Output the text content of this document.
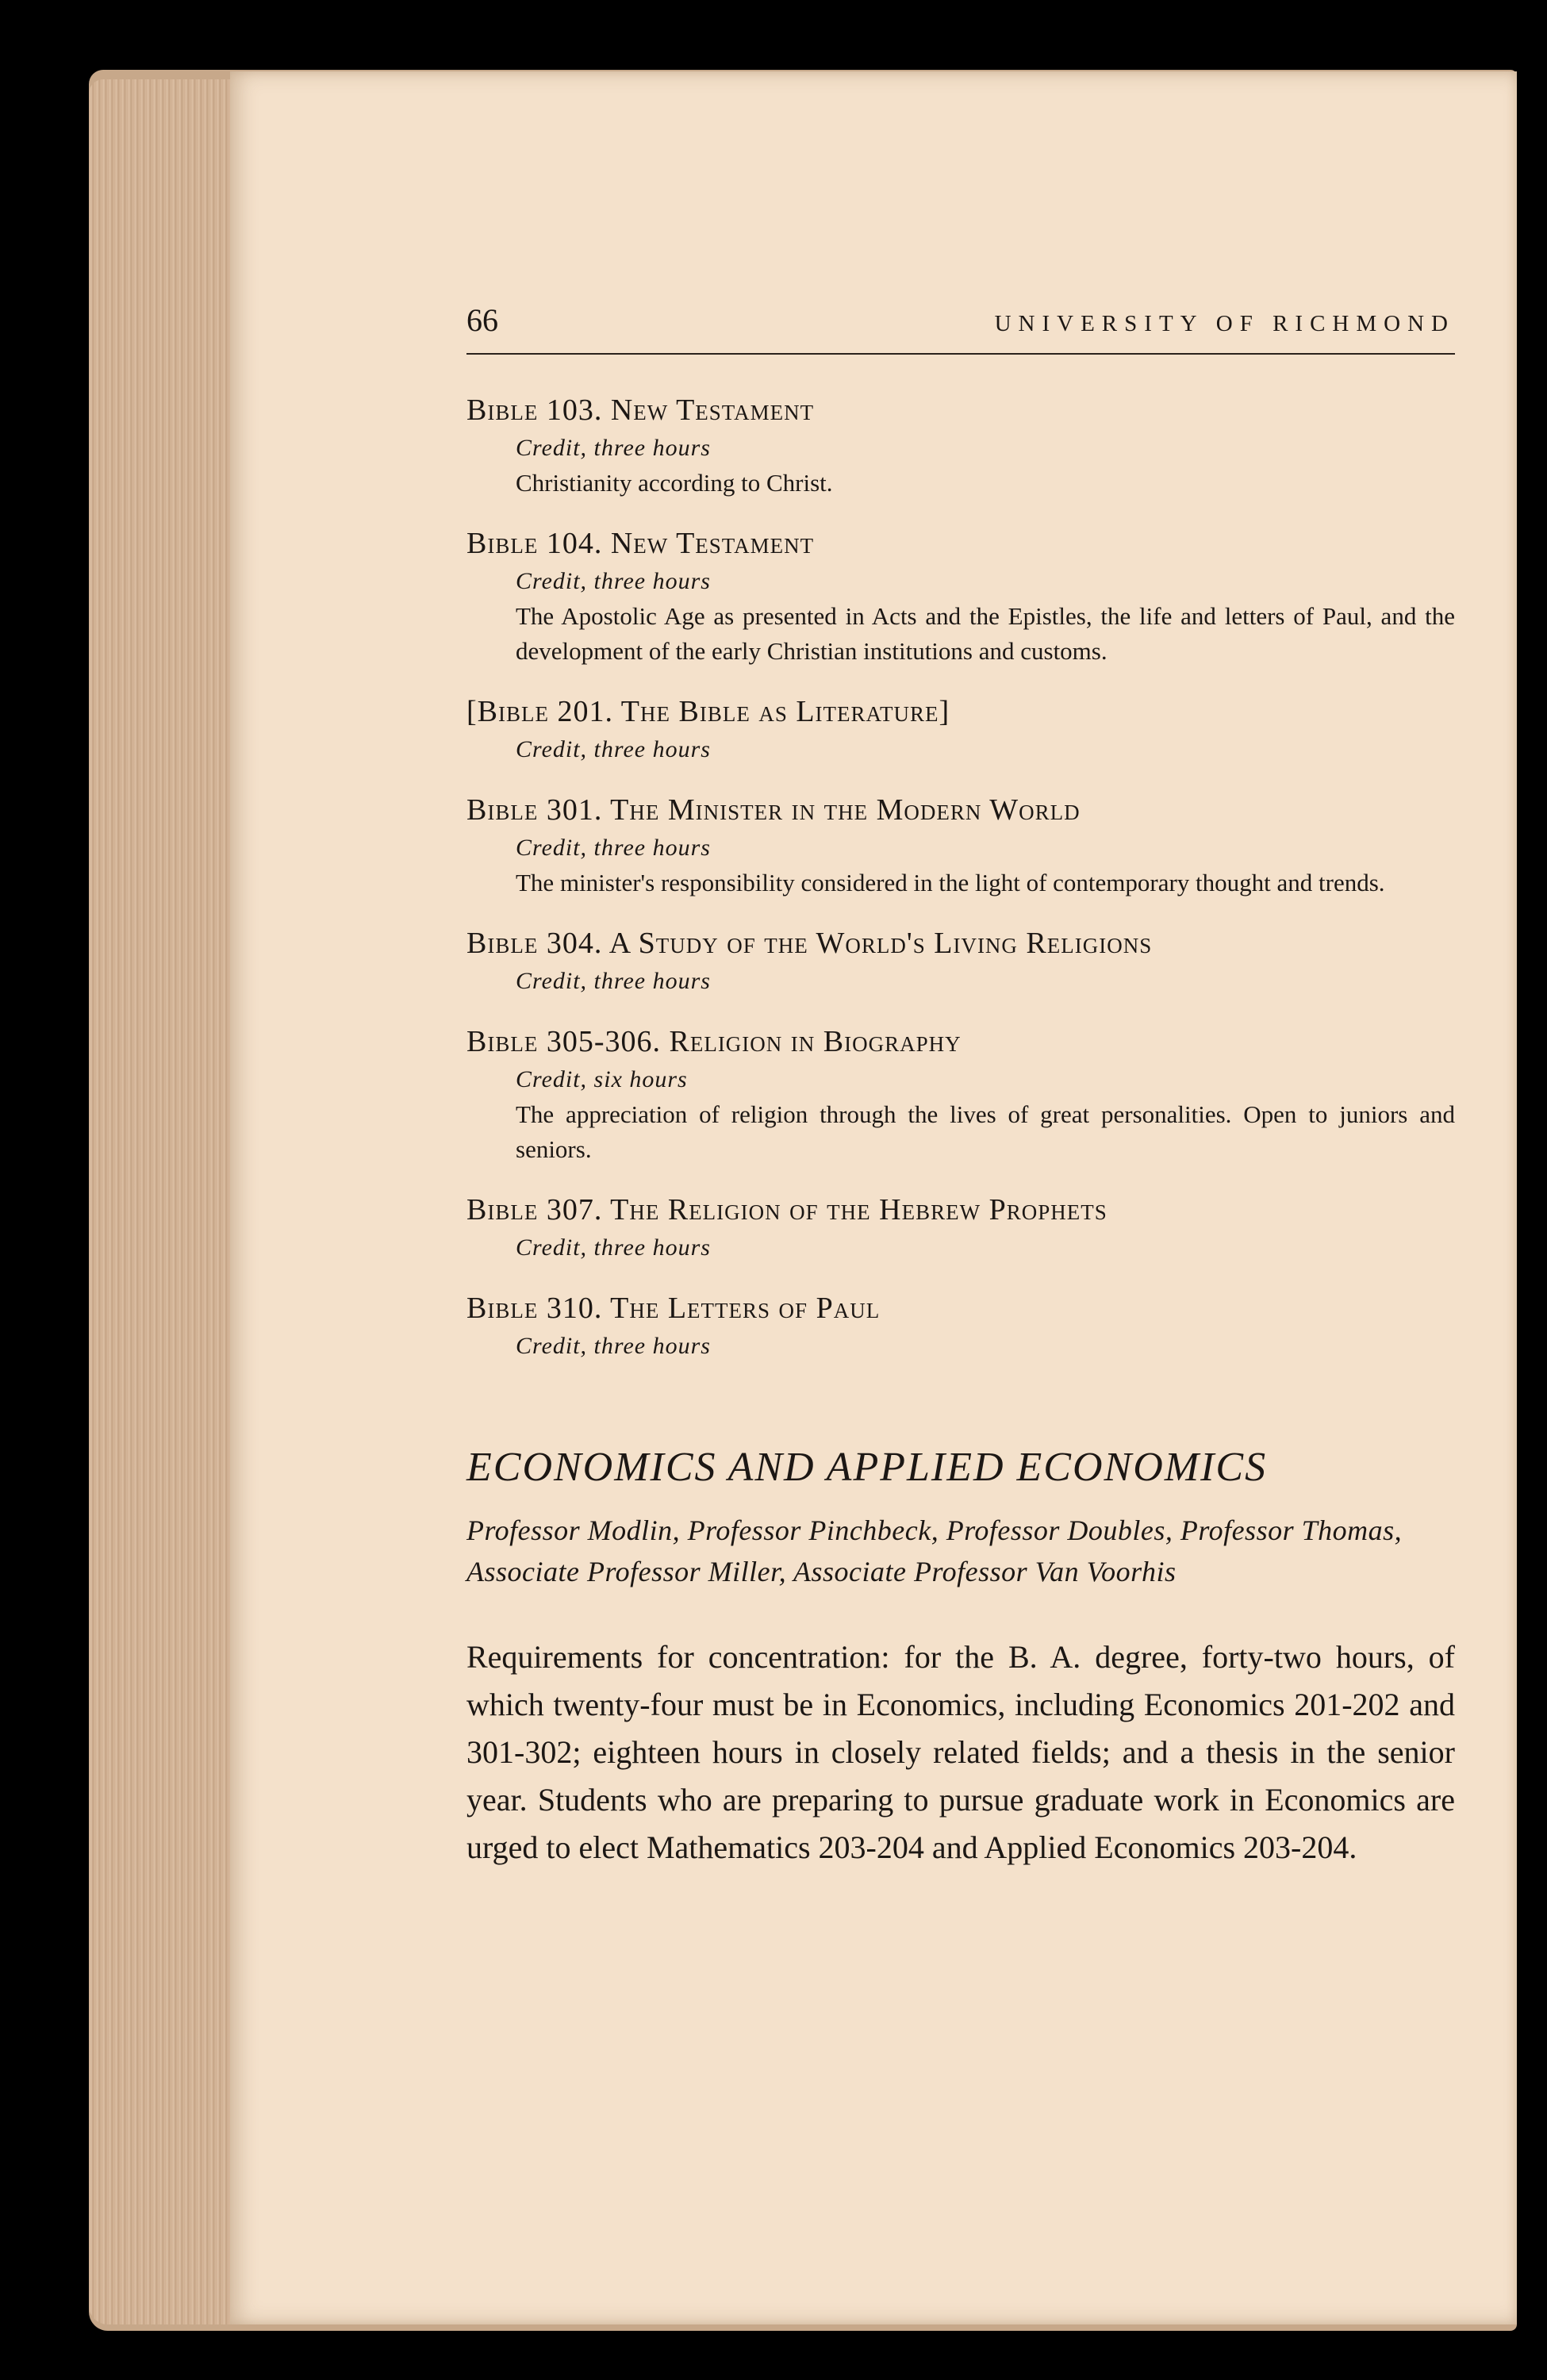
66	UNIVERSITY OF RICHMOND
Bible 103. New Testament
Credit, three hours
Christianity according to Christ.
Bible 104. New Testament
Credit, three hours
The Apostolic Age as presented in Acts and the Epistles, the life and letters of Paul, and the development of the early Christian institutions and customs.
[Bible 201. The Bible as Literature]
Credit, three hours
Bible 301. The Minister in the Modern World
Credit, three hours
The minister's responsibility considered in the light of contemporary thought and trends.
Bible 304. A Study of the World's Living Religions
Credit, three hours
Bible 305-306. Religion in Biography
Credit, six hours
The appreciation of religion through the lives of great personalities. Open to juniors and seniors.
Bible 307. The Religion of the Hebrew Prophets
Credit, three hours
Bible 310. The Letters of Paul
Credit, three hours
ECONOMICS AND APPLIED ECONOMICS
Professor Modlin, Professor Pinchbeck, Professor Doubles, Professor Thomas, Associate Professor Miller, Associate Professor Van Voorhis
Requirements for concentration: for the B. A. degree, forty-two hours, of which twenty-four must be in Economics, including Economics 201-202 and 301-302; eighteen hours in closely related fields; and a thesis in the senior year. Students who are preparing to pursue graduate work in Economics are urged to elect Mathematics 203-204 and Applied Economics 203-204.
